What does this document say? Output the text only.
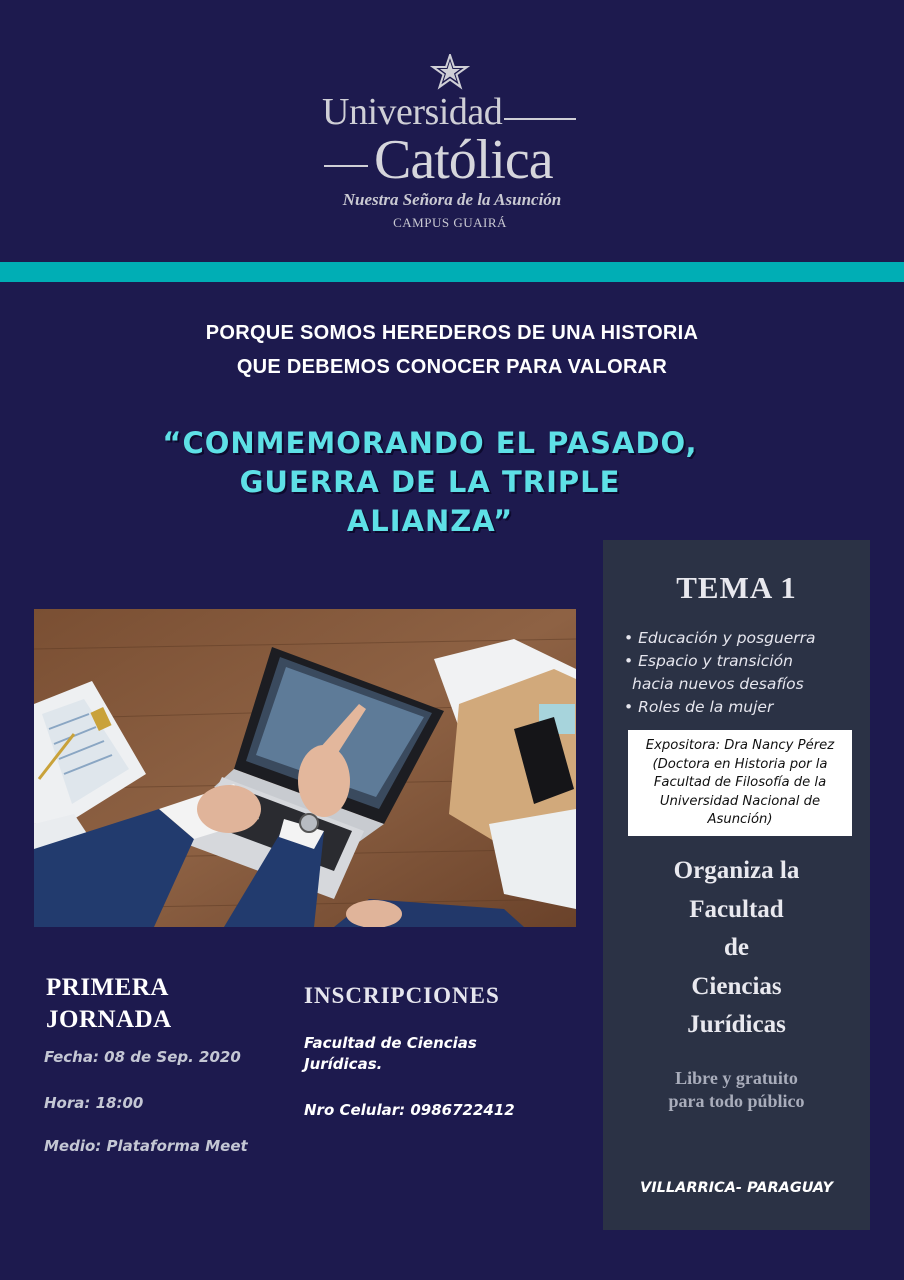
Universidad
Católica
Nuestra Señora de la Asunción
CAMPUS GUAIRÁ
PORQUE SOMOS HEREDEROS DE UNA HISTORIA
QUE DEBEMOS CONOCER PARA VALORAR
“CONMEMORANDO EL PASADO,
GUERRA DE LA TRIPLE
ALIANZA”
TEMA 1
• Educación y posguerra
• Espacio y transición
hacia nuevos desafíos
• Roles de la mujer
Expositora: Dra Nancy Pérez
(Doctora en Historia por la
Facultad de Filosofía de la
Universidad Nacional de
Asunción)
Organiza la
Facultad
de
Ciencias
Jurídicas
Libre y gratuito
para todo público
VILLARRICA- PARAGUAY
PRIMERA
JORNADA
Fecha: 08 de Sep. 2020
Hora: 18:00
Medio: Plataforma Meet
INSCRIPCIONES
Facultad de Ciencias
Jurídicas.
Nro Celular: 0986722412
